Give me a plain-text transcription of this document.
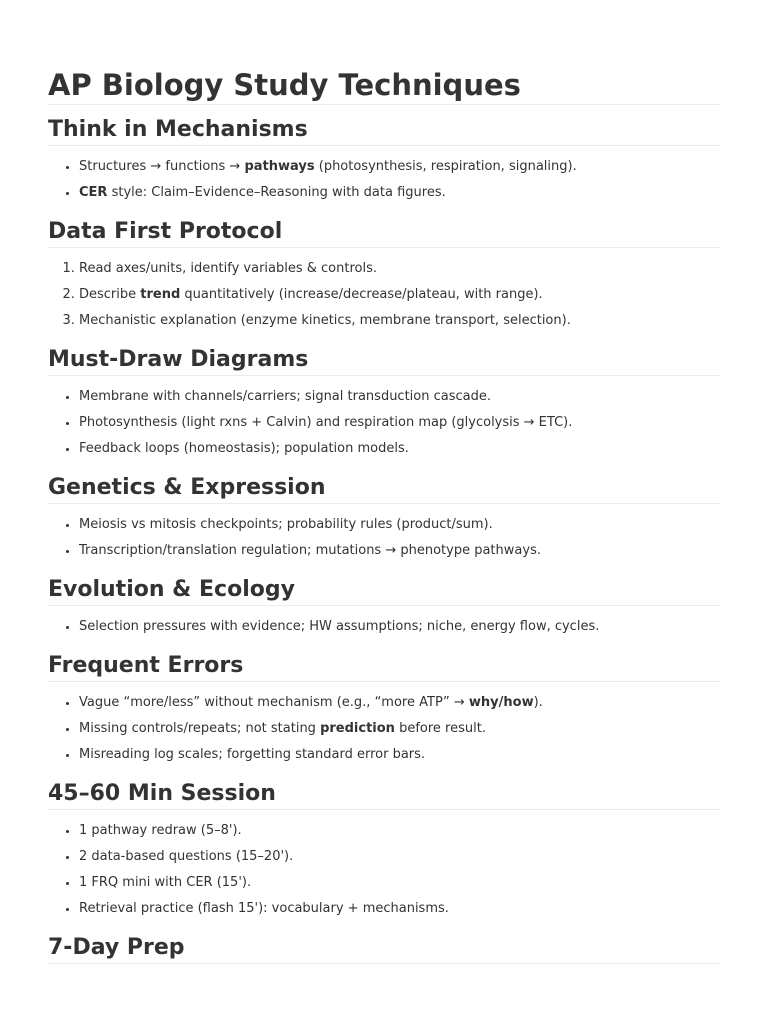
AP Biology Study Techniques
Think in Mechanisms
• Structures → functions → pathways (photosynthesis, respiration, signaling).
• CER style: Claim–Evidence–Reasoning with data figures.
Data First Protocol
1. Read axes/units, identify variables & controls.
2. Describe trend quantitatively (increase/decrease/plateau, with range).
3. Mechanistic explanation (enzyme kinetics, membrane transport, selection).
Must-Draw Diagrams
• Membrane with channels/carriers; signal transduction cascade.
• Photosynthesis (light rxns + Calvin) and respiration map (glycolysis → ETC).
• Feedback loops (homeostasis); population models.
Genetics & Expression
• Meiosis vs mitosis checkpoints; probability rules (product/sum).
• Transcription/translation regulation; mutations → phenotype pathways.
Evolution & Ecology
• Selection pressures with evidence; HW assumptions; niche, energy flow, cycles.
Frequent Errors
• Vague “more/less” without mechanism (e.g., “more ATP” → why/how).
• Missing controls/repeats; not stating prediction before result.
• Misreading log scales; forgetting standard error bars.
45–60 Min Session
• 1 pathway redraw (5–8').
• 2 data-based questions (15–20').
• 1 FRQ mini with CER (15').
• Retrieval practice (flash 15'): vocabulary + mechanisms.
7-Day Prep
